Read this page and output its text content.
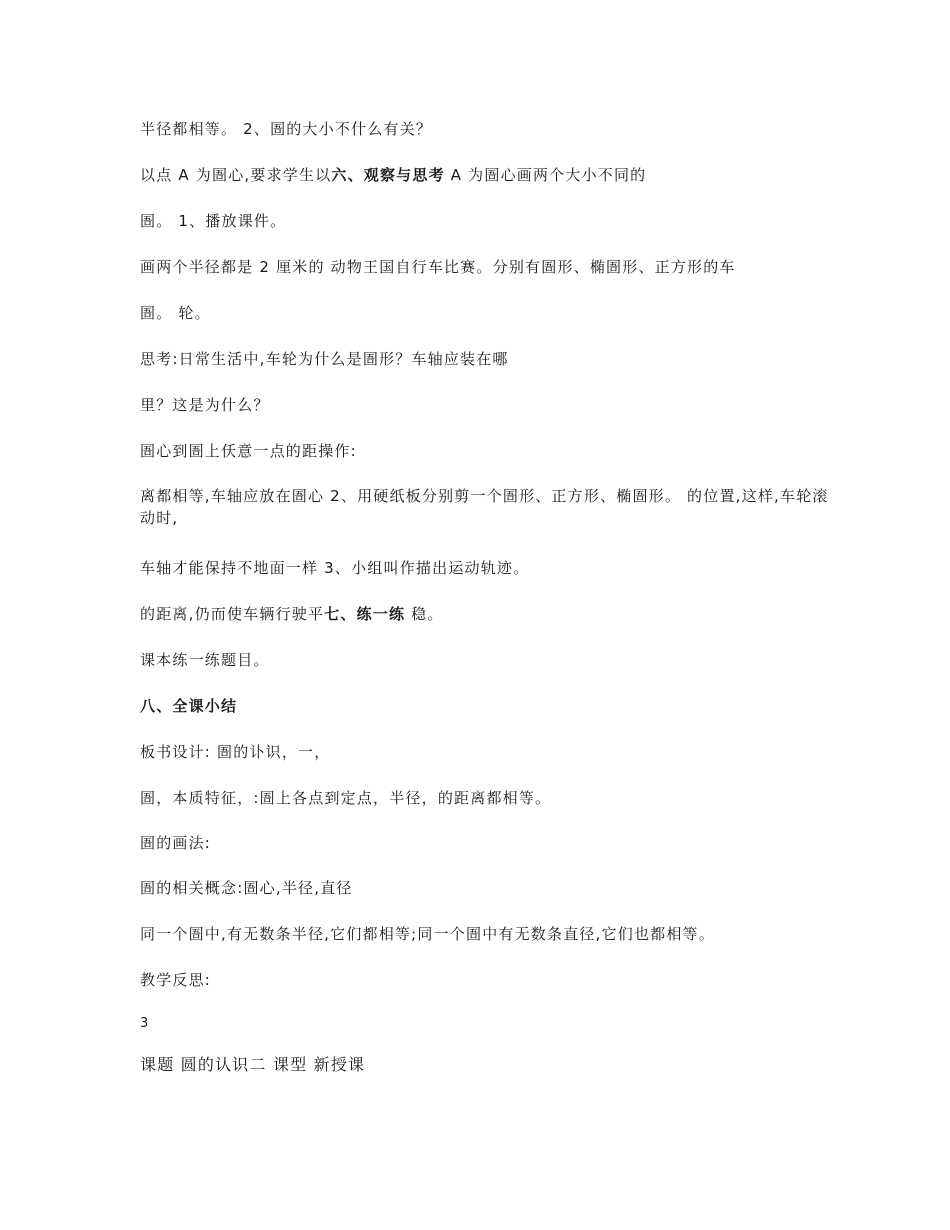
半径都相等。 2、圄的大小不什么有关？
以点 A 为圄心,要求学生以六、观察与思考 A 为圄心画两个大小不同的
圄。 1、播放课件。
画两个半径都是 2 厘米的 动物王国自行车比赛。分别有圄形、椭圄形、正方形的车
圄。 轮。
思考:日常生活中,车轮为什么是圄形？车轴应装在哪
里？这是为什么？
圄心到圄上仸意一点的距操作:
离都相等,车轴应放在圄心 2、用硬纸板分别剪一个圄形、正方形、椭圄形。 的位置,这样,车轮滚动时,
车轴才能保持不地面一样 3、小组叫作描出运动轨迹。
的距离,仍而使车辆行驶平七、练一练 稳。
课本练一练题目。
八、全课小结
板书设计: 圄的讣识，一，
圄，本质特征，:圄上各点到定点，半径，的距离都相等。
圄的画法:
圄的相关概念:圄心,半径,直径
同一个圄中,有无数条半径,它们都相等;同一个圄中有无数条直径,它们也都相等。
教学反思:
3
课题 圆的认识二 课型 新授课
